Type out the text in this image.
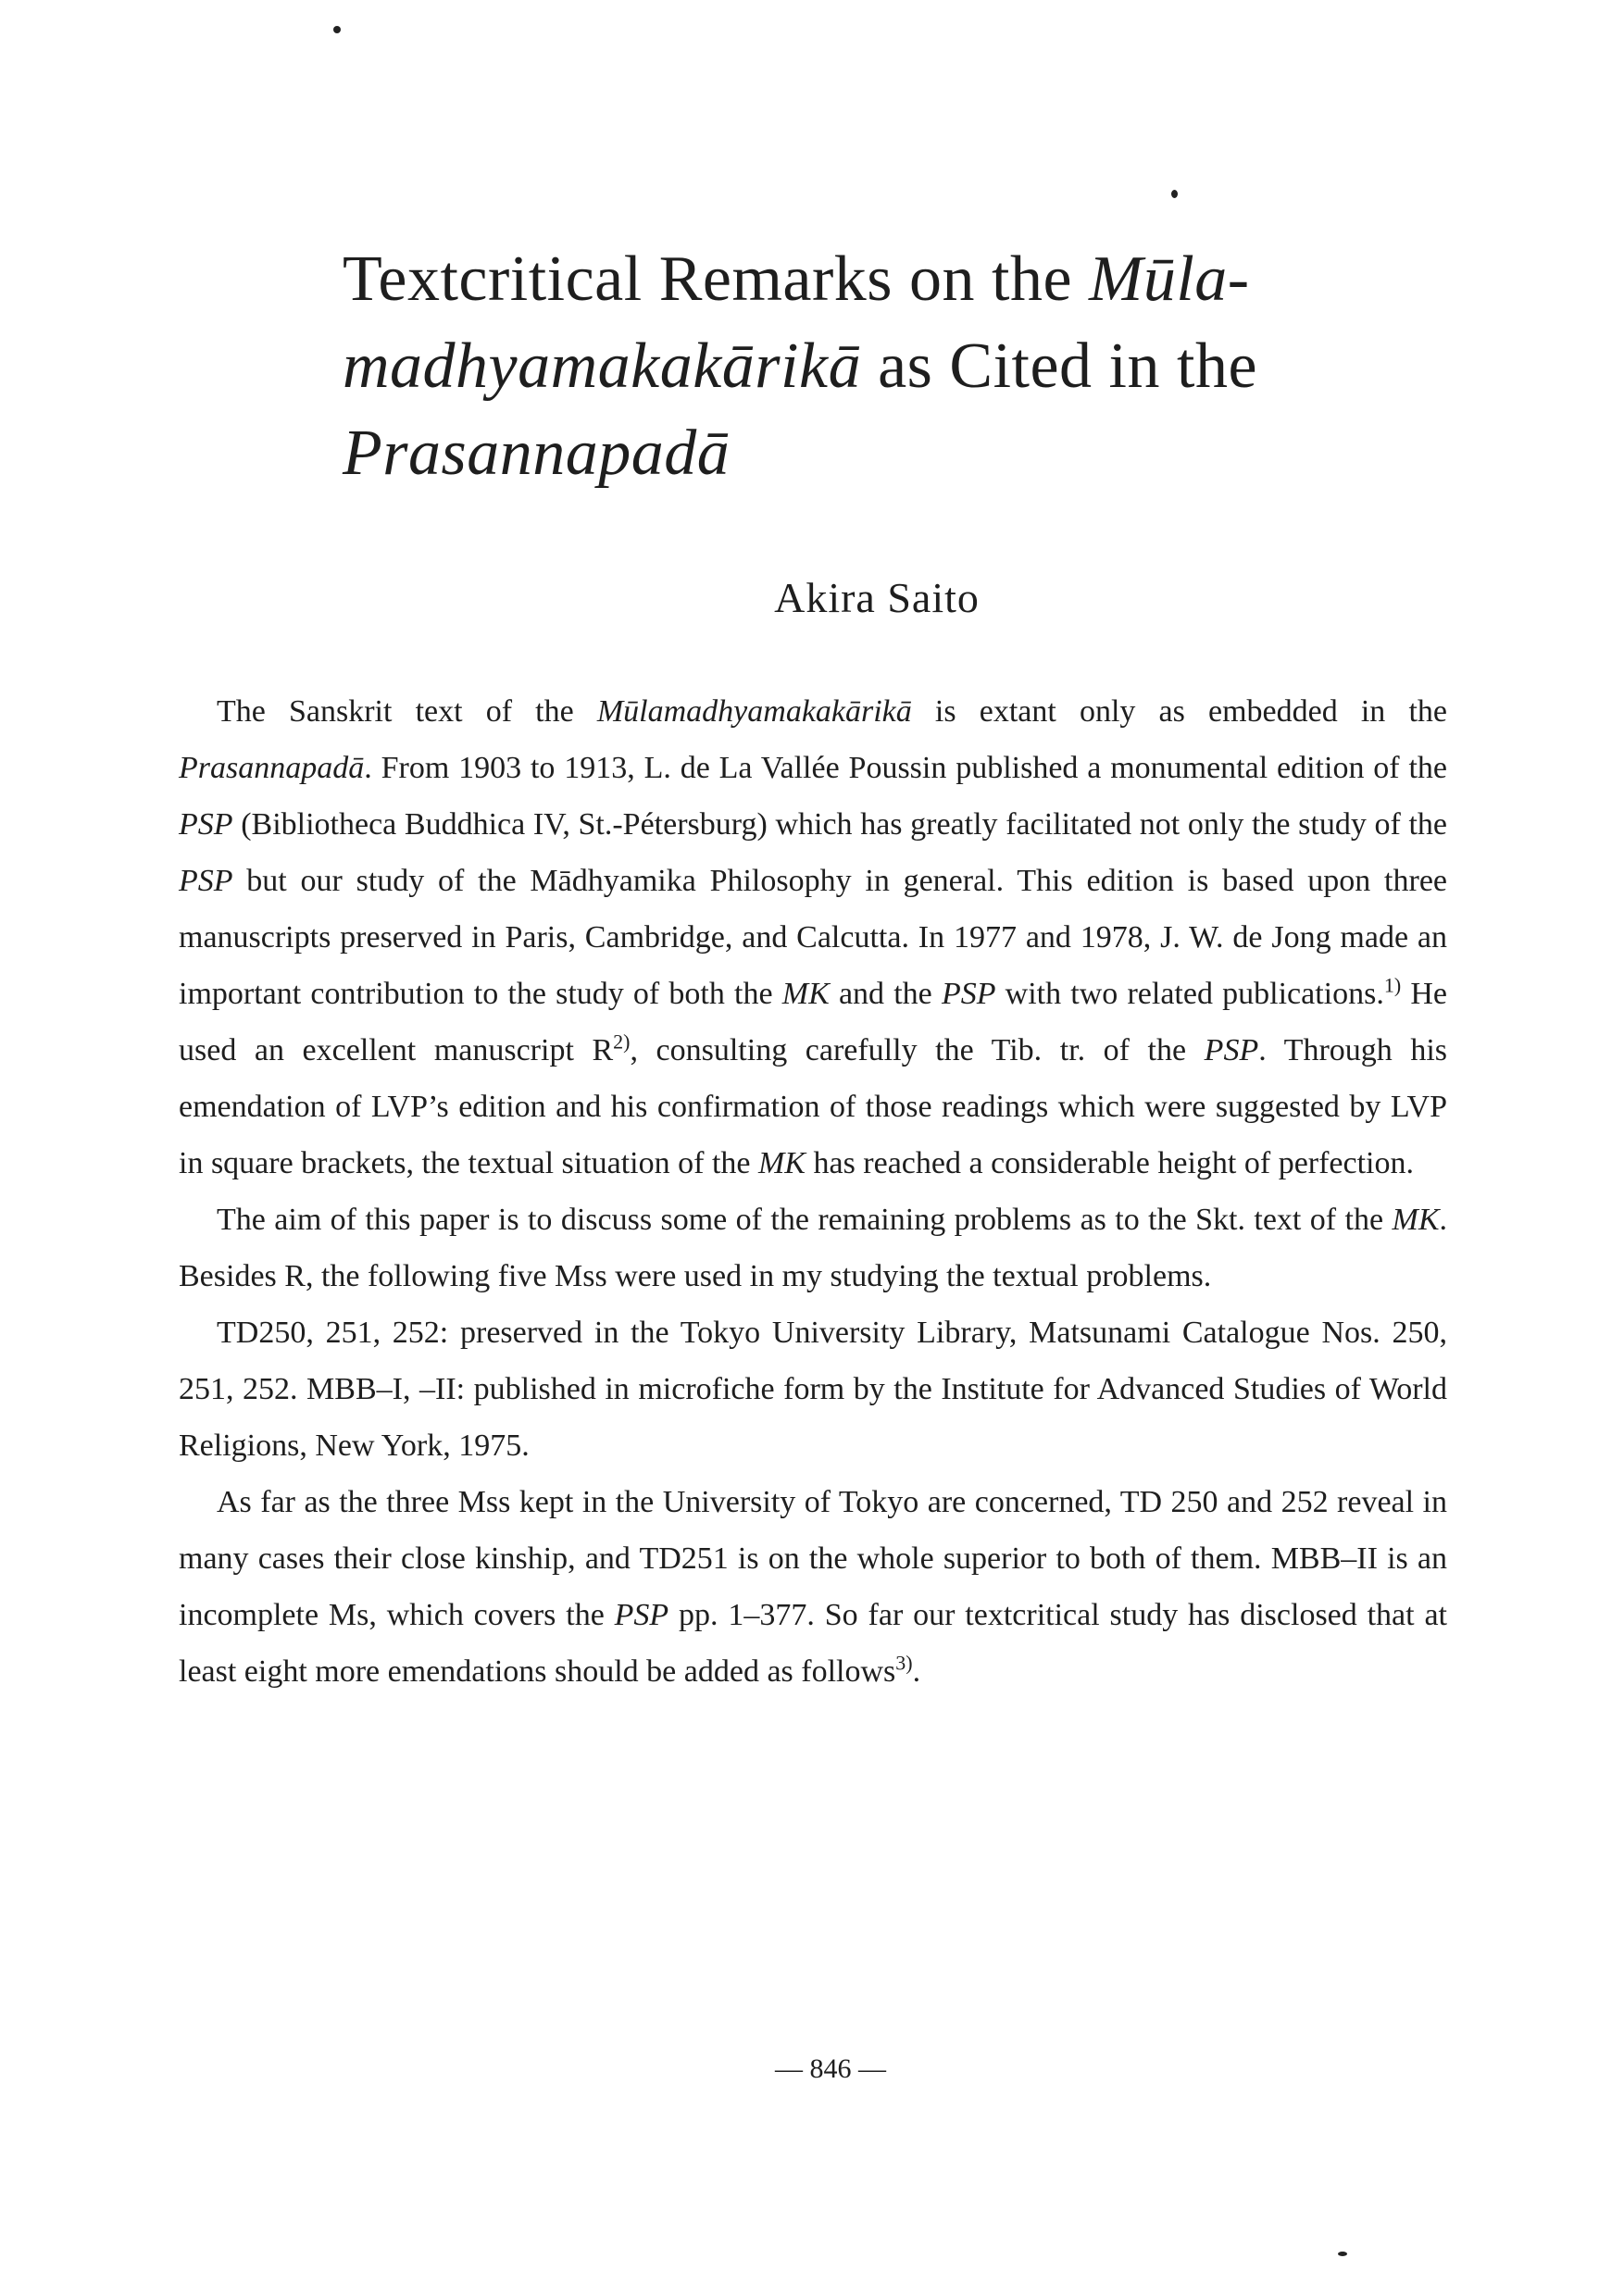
Textcritical Remarks on the Mūla-
madhyamakakārikā as Cited in the
Prasannapadā
Akira Saito

The Sanskrit text of the Mūlamadhyamakakārikā is extant only as embedded in the Prasannapadā. From 1903 to 1913, L. de La Vallée Poussin published a monumental edition of the PSP (Bibliotheca Buddhica IV, St.-Pétersburg) which has greatly facilitated not only the study of the PSP but our study of the Mādhyamika Philosophy in general. This edition is based upon three manuscripts preserved in Paris, Cambridge, and Calcutta. In 1977 and 1978, J. W. de Jong made an important contribution to the study of both the MK and the PSP with two related publications.$^{1)}$ He used an excellent manuscript $R^{2)}$, consulting carefully the Tib. tr. of the PSP. Through his emendation of LVP’s edition and his confirmation of those readings which were suggested by LVP in square brackets, the textual situation of the MK has reached a considerable height of perfection.

The aim of this paper is to discuss some of the remaining problems as to the Skt. text of the MK. Besides R, the following five Mss were used in my studying the textual problems.

TD250, 251, 252: preserved in the Tokyo University Library, Matsunami Catalogue Nos. 250, 251, 252. MBB–I, –II: published in microfiche form by the Institute for Advanced Studies of World Religions, New York, 1975.

As far as the three Mss kept in the University of Tokyo are concerned, TD 250 and 252 reveal in many cases their close kinship, and TD251 is on the whole superior to both of them. MBB–II is an incomplete Ms, which covers the PSP pp. 1–377. So far our textcritical study has disclosed that at least eight more emendations should be added as follows$^{3)}$.

— 846 —
